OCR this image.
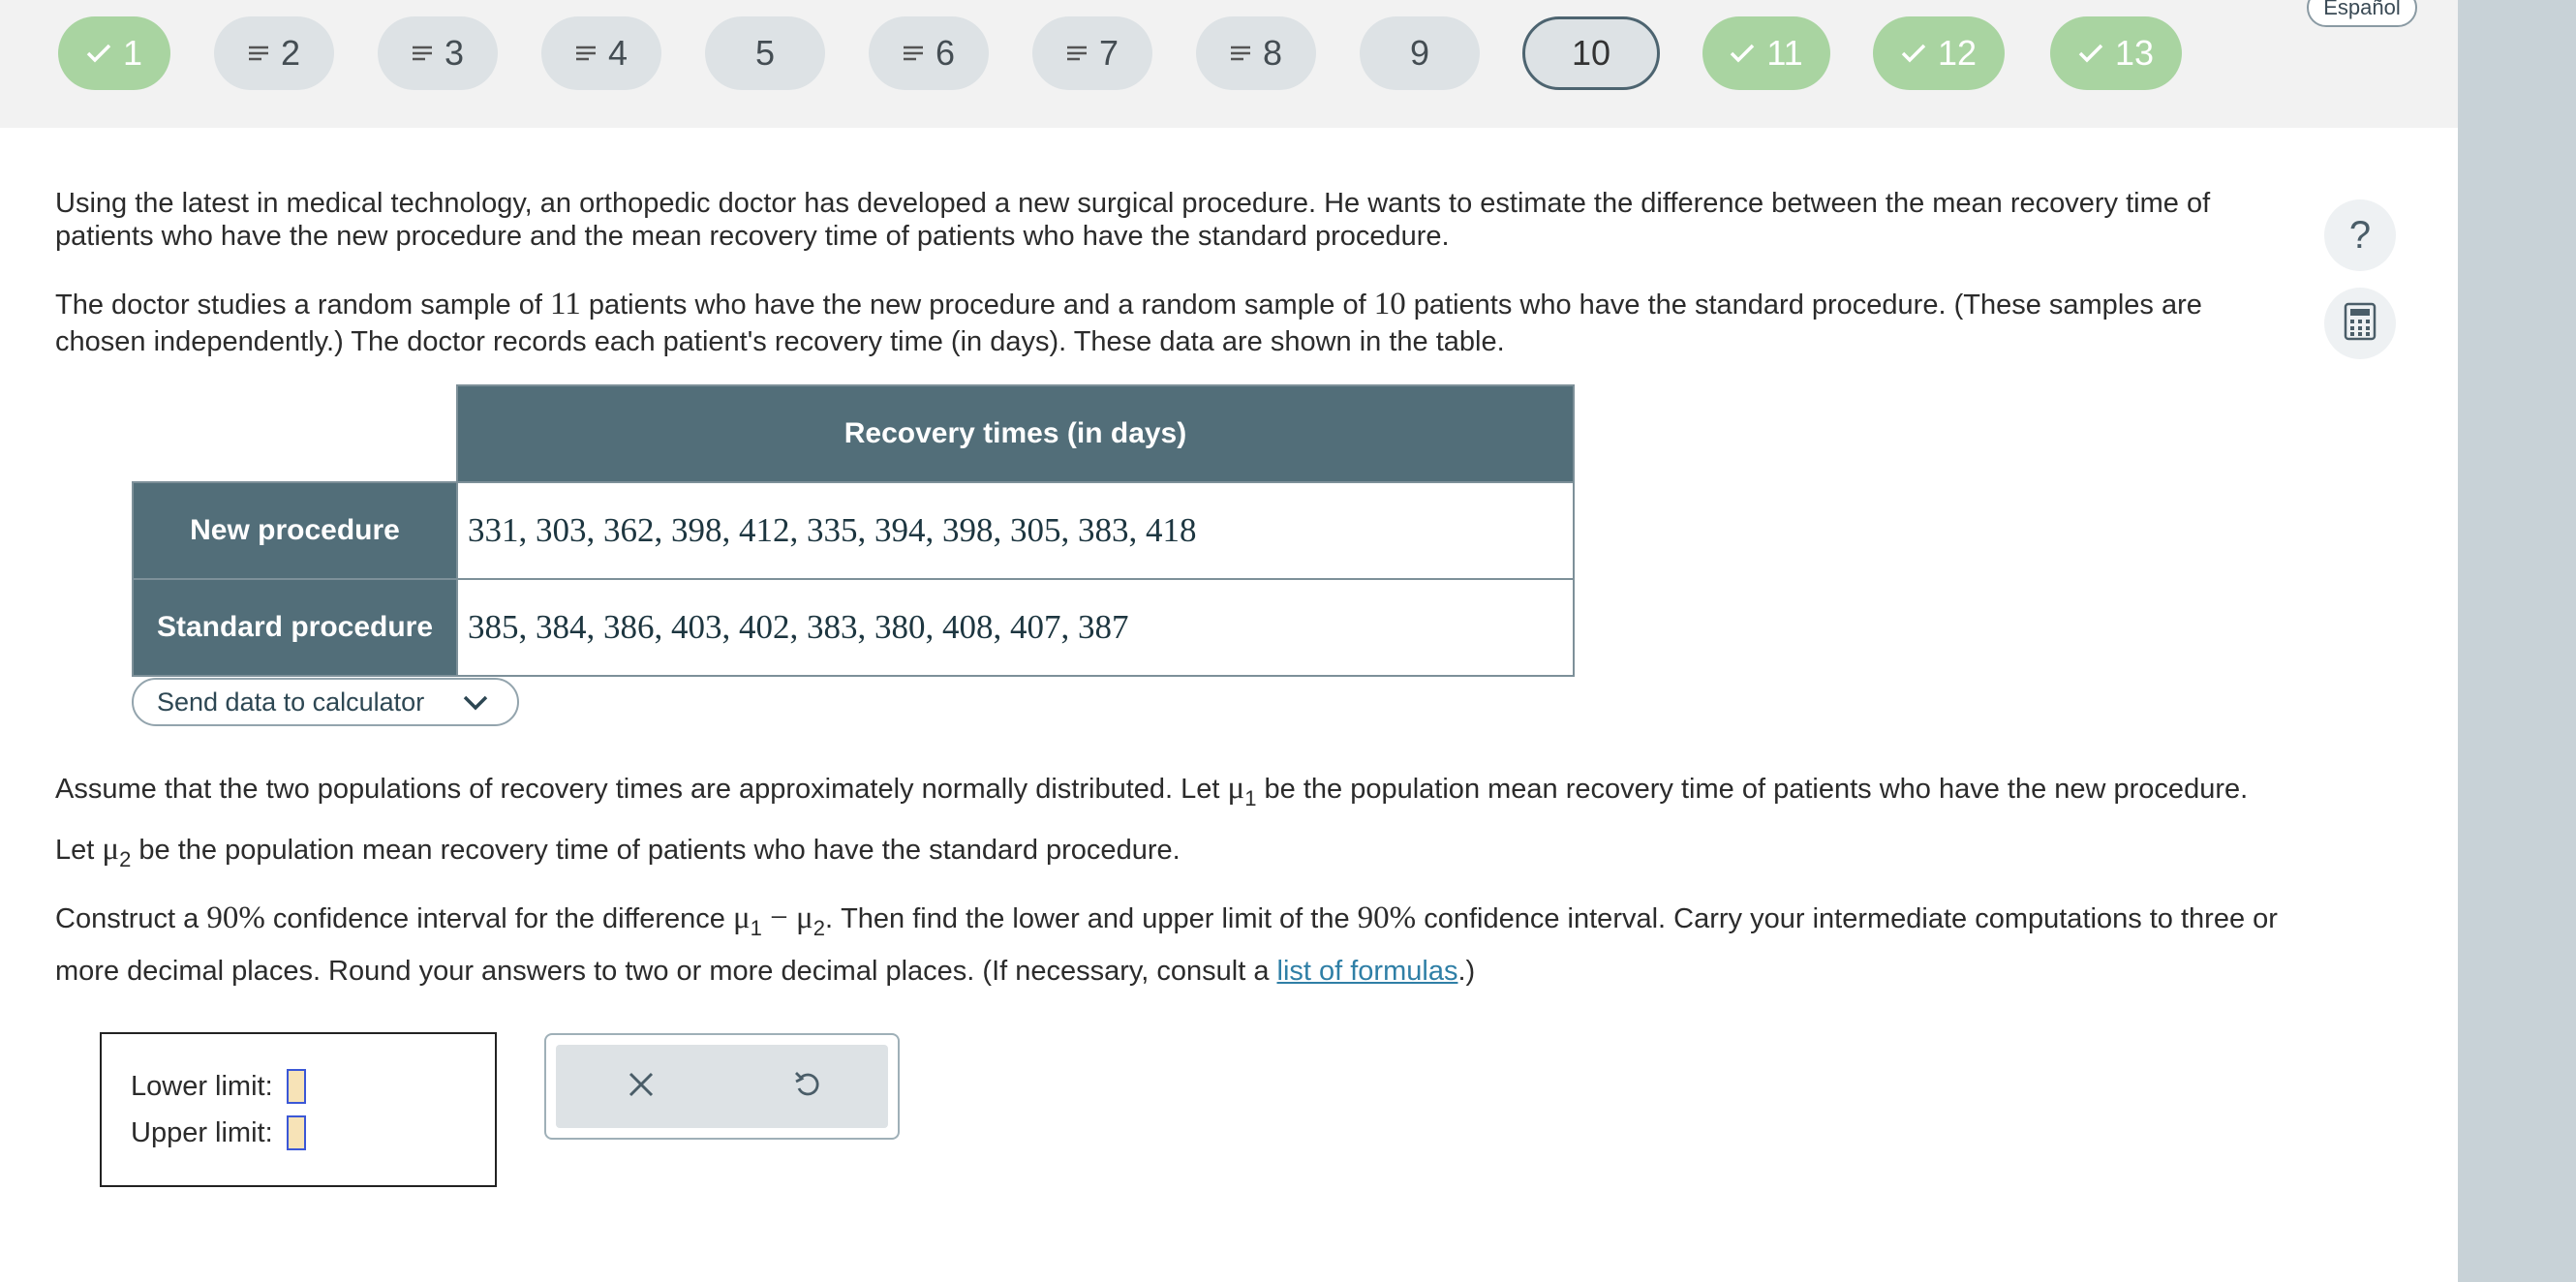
1	2	3	4	5	6	7	8	9	10	11	12	13
Español
Using the latest in medical technology, an orthopedic doctor has developed a new surgical procedure. He wants to estimate the difference between the mean recovery time of patients who have the new procedure and the mean recovery time of patients who have the standard procedure.
The doctor studies a random sample of 11 patients who have the new procedure and a random sample of 10 patients who have the standard procedure. (These samples are chosen independently.) The doctor records each patient's recovery time (in days). These data are shown in the table.
?
	Recovery times (in days)
New procedure	331, 303, 362, 398, 412, 335, 394, 398, 305, 383, 418
Standard procedure	385, 384, 386, 403, 402, 383, 380, 408, 407, 387
Send data to calculator
Assume that the two populations of recovery times are approximately normally distributed. Let $\mu_1$ be the population mean recovery time of patients who have the new procedure. Let $\mu_2$ be the population mean recovery time of patients who have the standard procedure.
Construct a 90% confidence interval for the difference $\mu_1 - \mu_2$. Then find the lower and upper limit of the 90% confidence interval. Carry your intermediate computations to three or more decimal places. Round your answers to two or more decimal places. (If necessary, consult a list of formulas.)
Lower limit:
Upper limit:
